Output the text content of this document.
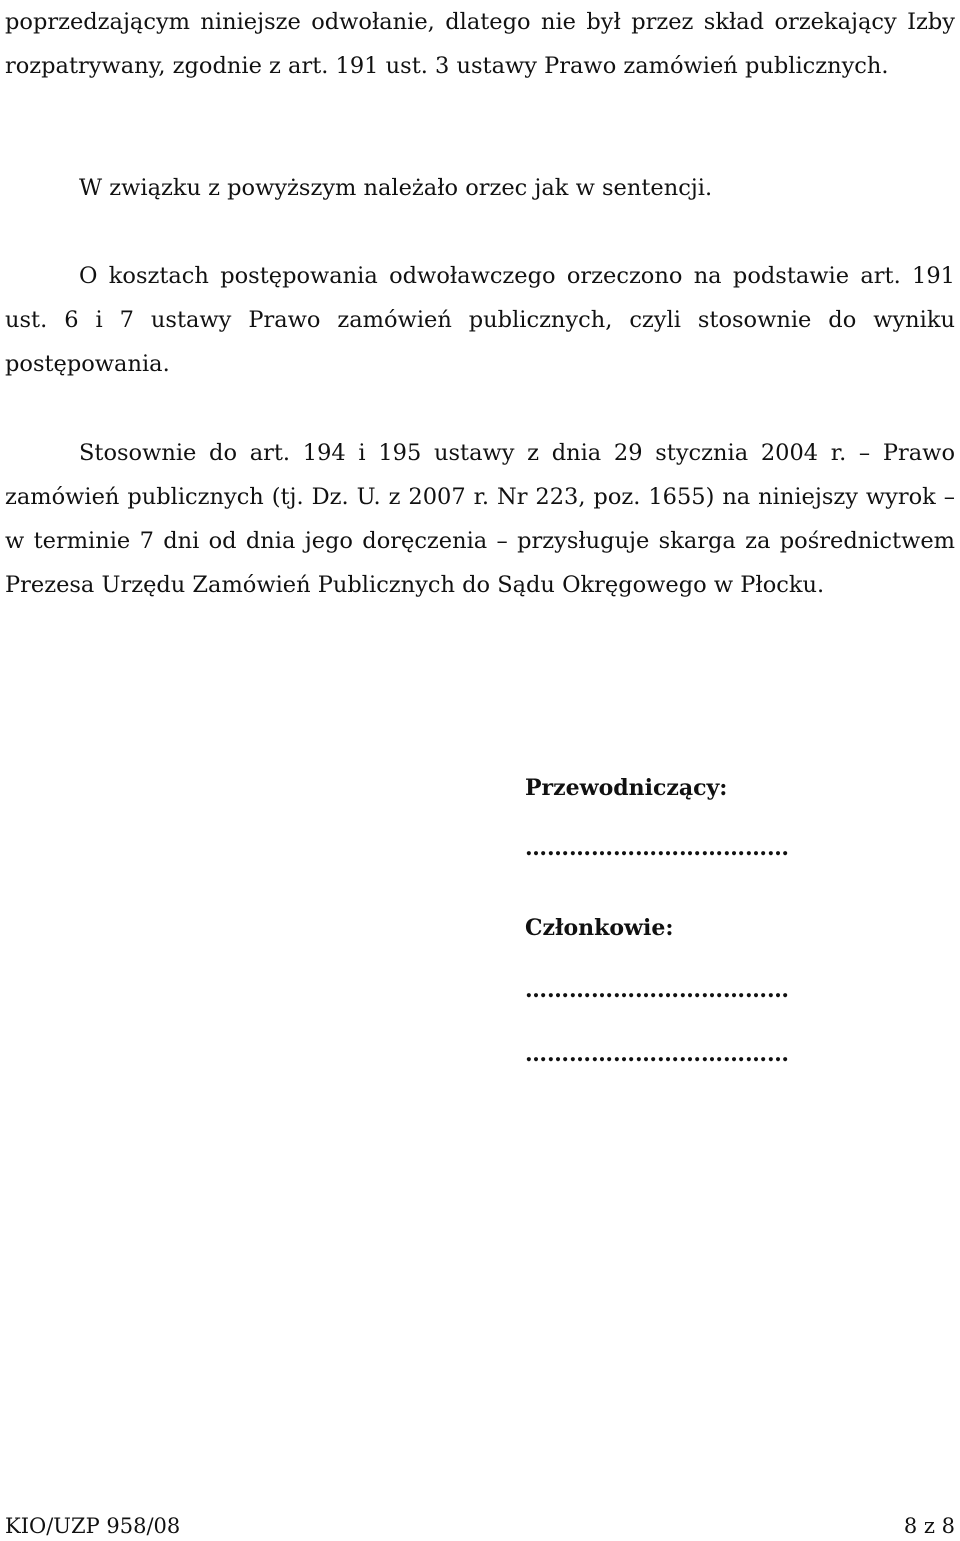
poprzedzającym niniejsze odwołanie, dlatego nie był przez skład orzekający Izby rozpatrywany, zgodnie z art. 191 ust. 3 ustawy Prawo zamówień publicznych.

W związku z powyższym należało orzec jak w sentencji.

O kosztach postępowania odwoławczego orzeczono na podstawie art. 191 ust. 6 i 7 ustawy Prawo zamówień publicznych, czyli stosownie do wyniku postępowania.

Stosownie do art. 194 i 195 ustawy z dnia 29 stycznia 2004 r. – Prawo zamówień publicznych (tj. Dz. U. z 2007 r. Nr 223, poz. 1655) na niniejszy wyrok – w terminie 7 dni od dnia jego doręczenia – przysługuje skarga za pośrednictwem Prezesa Urzędu Zamówień Publicznych do Sądu Okręgowego w Płocku.

Przewodniczący:

………………………………

Członkowie:

………………………………

………………………………

KIO/UZP 958/08	8 z 8
